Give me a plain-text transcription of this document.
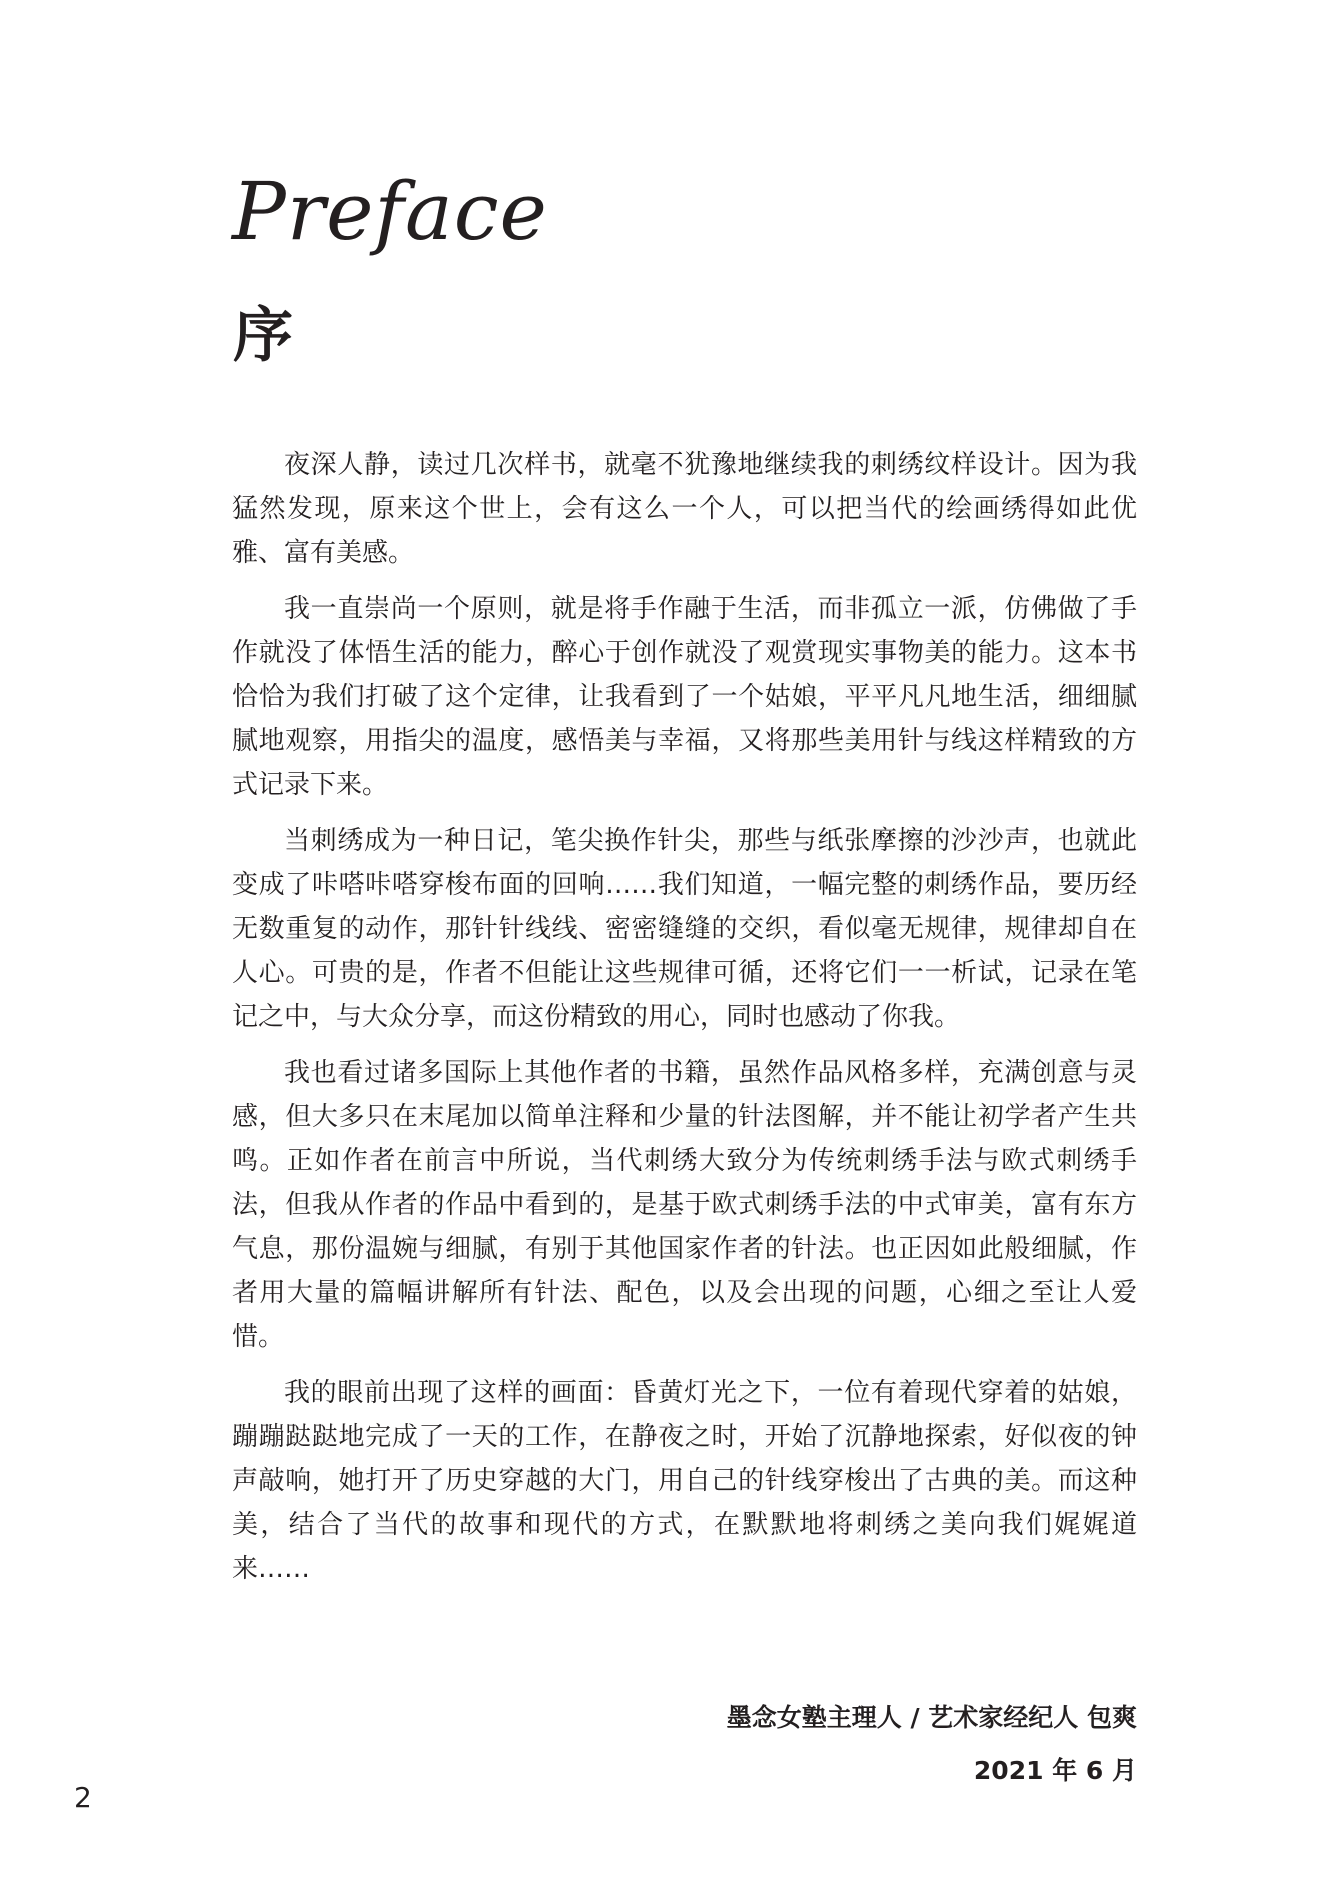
Preface
序

夜深人静，读过几次样书，就毫不犹豫地继续我的刺绣纹样设计。因为我猛然发现，原来这个世上，会有这么一个人，可以把当代的绘画绣得如此优雅、富有美感。

我一直崇尚一个原则，就是将手作融于生活，而非孤立一派，仿佛做了手作就没了体悟生活的能力，醉心于创作就没了观赏现实事物美的能力。这本书恰恰为我们打破了这个定律，让我看到了一个姑娘，平平凡凡地生活，细细腻腻地观察，用指尖的温度，感悟美与幸福，又将那些美用针与线这样精致的方式记录下来。

当刺绣成为一种日记，笔尖换作针尖，那些与纸张摩擦的沙沙声，也就此变成了咔嗒咔嗒穿梭布面的回响……我们知道，一幅完整的刺绣作品，要历经无数重复的动作，那针针线线、密密缝缝的交织，看似毫无规律，规律却自在人心。可贵的是，作者不但能让这些规律可循，还将它们一一析试，记录在笔记之中，与大众分享，而这份精致的用心，同时也感动了你我。

我也看过诸多国际上其他作者的书籍，虽然作品风格多样，充满创意与灵感，但大多只在末尾加以简单注释和少量的针法图解，并不能让初学者产生共鸣。正如作者在前言中所说，当代刺绣大致分为传统刺绣手法与欧式刺绣手法，但我从作者的作品中看到的，是基于欧式刺绣手法的中式审美，富有东方气息，那份温婉与细腻，有别于其他国家作者的针法。也正因如此般细腻，作者用大量的篇幅讲解所有针法、配色，以及会出现的问题，心细之至让人爱惜。

我的眼前出现了这样的画面：昏黄灯光之下，一位有着现代穿着的姑娘，蹦蹦跶跶地完成了一天的工作，在静夜之时，开始了沉静地探索，好似夜的钟声敲响，她打开了历史穿越的大门，用自己的针线穿梭出了古典的美。而这种美，结合了当代的故事和现代的方式，在默默地将刺绣之美向我们娓娓道来……

墨念女塾主理人 / 艺术家经纪人 包爽

2021 年 6 月

2
